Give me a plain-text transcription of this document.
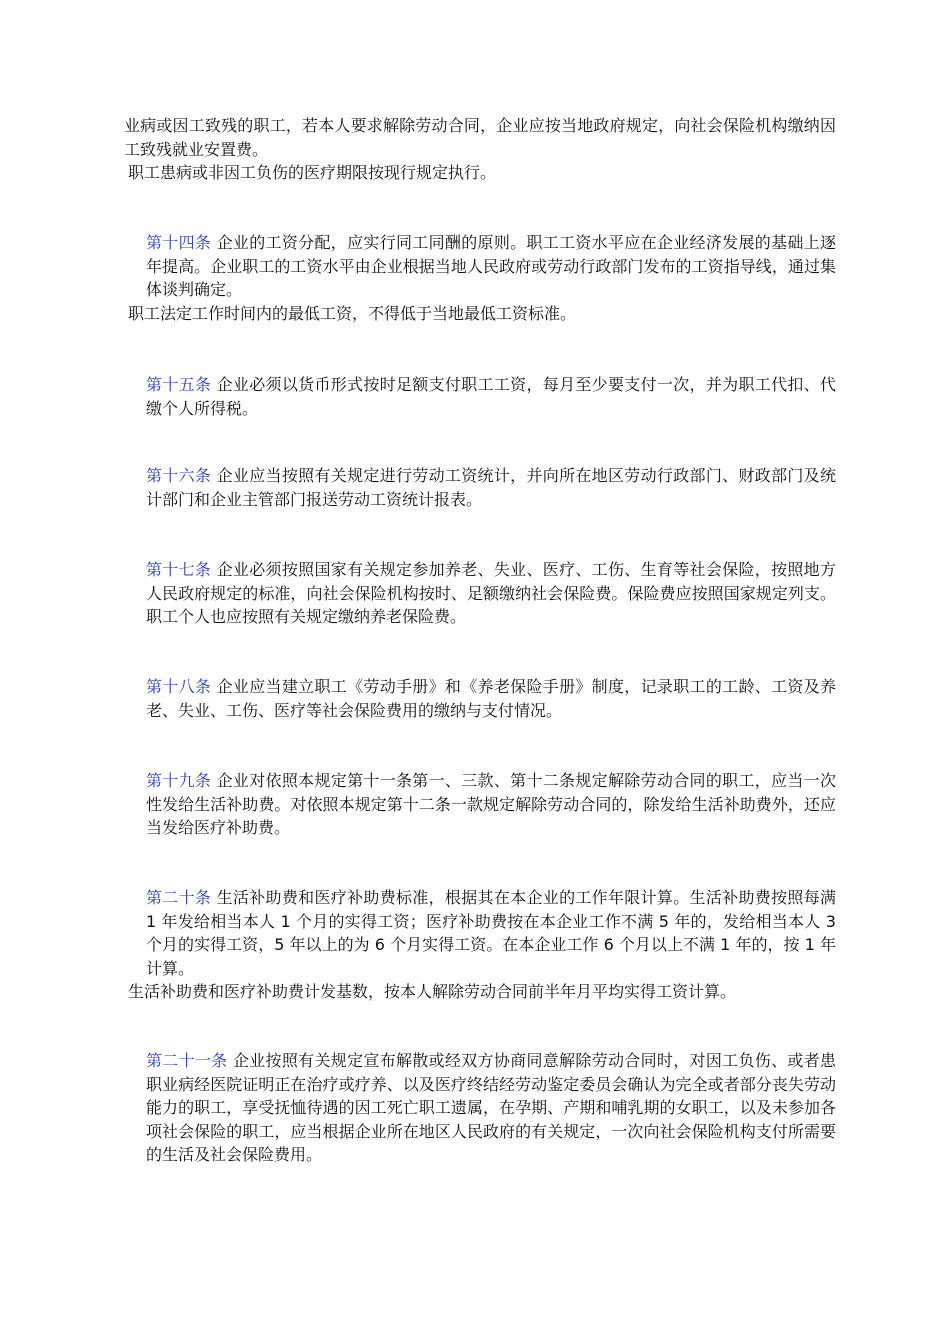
业病或因工致残的职工，若本人要求解除劳动合同，企业应按当地政府规定，向社会保险机构缴纳因工致残就业安置费。

职工患病或非因工负伤的医疗期限按现行规定执行。

第十四条 企业的工资分配，应实行同工同酬的原则。职工工资水平应在企业经济发展的基础上逐年提高。企业职工的工资水平由企业根据当地人民政府或劳动行政部门发布的工资指导线，通过集体谈判确定。

职工法定工作时间内的最低工资，不得低于当地最低工资标准。

第十五条 企业必须以货币形式按时足额支付职工工资，每月至少要支付一次，并为职工代扣、代缴个人所得税。

第十六条 企业应当按照有关规定进行劳动工资统计，并向所在地区劳动行政部门、财政部门及统计部门和企业主管部门报送劳动工资统计报表。

第十七条 企业必须按照国家有关规定参加养老、失业、医疗、工伤、生育等社会保险，按照地方人民政府规定的标准，向社会保险机构按时、足额缴纳社会保险费。保险费应按照国家规定列支。职工个人也应按照有关规定缴纳养老保险费。

第十八条 企业应当建立职工《劳动手册》和《养老保险手册》制度，记录职工的工龄、工资及养老、失业、工伤、医疗等社会保险费用的缴纳与支付情况。

第十九条 企业对依照本规定第十一条第一、三款、第十二条规定解除劳动合同的职工，应当一次性发给生活补助费。对依照本规定第十二条一款规定解除劳动合同的，除发给生活补助费外，还应当发给医疗补助费。

第二十条 生活补助费和医疗补助费标准，根据其在本企业的工作年限计算。生活补助费按照每满 1 年发给相当本人 1 个月的实得工资；医疗补助费按在本企业工作不满 5 年的，发给相当本人 3 个月的实得工资，5 年以上的为 6 个月实得工资。在本企业工作 6 个月以上不满 1 年的，按 1 年计算。

生活补助费和医疗补助费计发基数，按本人解除劳动合同前半年月平均实得工资计算。

第二十一条 企业按照有关规定宣布解散或经双方协商同意解除劳动合同时，对因工负伤、或者患职业病经医院证明正在治疗或疗养、以及医疗终结经劳动鉴定委员会确认为完全或者部分丧失劳动能力的职工，享受抚恤待遇的因工死亡职工遗属，在孕期、产期和哺乳期的女职工，以及未参加各项社会保险的职工，应当根据企业所在地区人民政府的有关规定，一次向社会保险机构支付所需要的生活及社会保险费用。
